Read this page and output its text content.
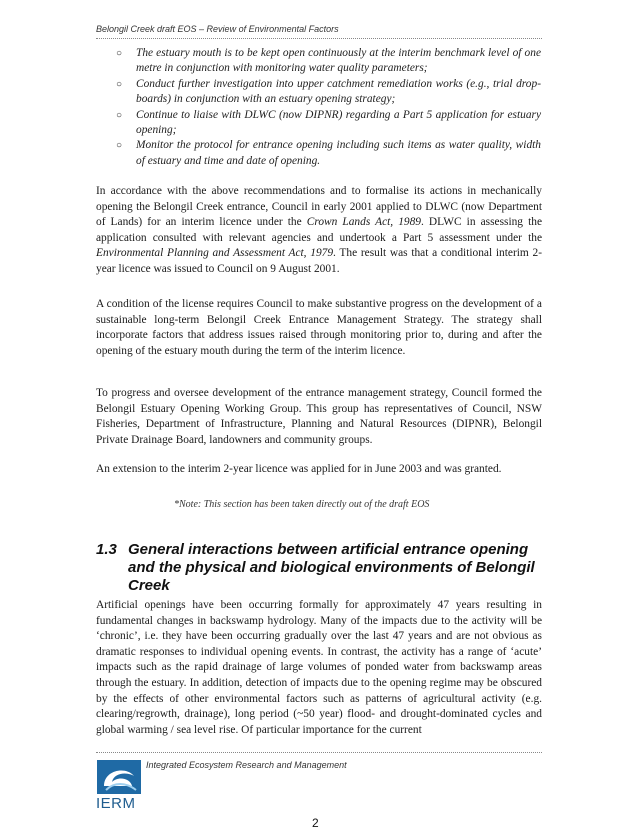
Belongil Creek draft EOS – Review of Environmental Factors
○ The estuary mouth is to be kept open continuously at the interim benchmark level of one metre in conjunction with monitoring water quality parameters;
○ Conduct further investigation into upper catchment remediation works (e.g., trial drop-boards) in conjunction with an estuary opening strategy;
○ Continue to liaise with DLWC (now DIPNR) regarding a Part 5 application for estuary opening;
○ Monitor the protocol for entrance opening including such items as water quality, width of estuary and time and date of opening.

In accordance with the above recommendations and to formalise its actions in mechanically opening the Belongil Creek entrance, Council in early 2001 applied to DLWC (now Department of Lands) for an interim licence under the Crown Lands Act, 1989. DLWC in assessing the application consulted with relevant agencies and undertook a Part 5 assessment under the Environmental Planning and Assessment Act, 1979. The result was that a conditional interim 2-year licence was issued to Council on 9 August 2001.

A condition of the license requires Council to make substantive progress on the development of a sustainable long-term Belongil Creek Entrance Management Strategy. The strategy shall incorporate factors that address issues raised through monitoring prior to, during and after the opening of the estuary mouth during the term of the interim licence.

To progress and oversee development of the entrance management strategy, Council formed the Belongil Estuary Opening Working Group. This group has representatives of Council, NSW Fisheries, Department of Infrastructure, Planning and Natural Resources (DIPNR), Belongil Private Drainage Board, landowners and community groups.

An extension to the interim 2-year licence was applied for in June 2003 and was granted.

*Note: This section has been taken directly out of the draft EOS
1.3 General interactions between artificial entrance opening and the physical and biological environments of Belongil Creek

Artificial openings have been occurring formally for approximately 47 years resulting in fundamental changes in backswamp hydrology. Many of the impacts due to the activity will be ‘chronic’, i.e. they have been occurring gradually over the last 47 years and are not obvious as dramatic responses to individual opening events. In contrast, the activity has a range of ‘acute’ impacts such as the rapid drainage of large volumes of ponded water from backswamp areas through the estuary. In addition, detection of impacts due to the opening regime may be obscured by the effects of other environmental factors such as patterns of agricultural activity (e.g. clearing/regrowth, drainage), long period (~50 year) flood- and drought-dominated cycles and global warming / sea level rise. Of particular importance for the current

IERM
Integrated Ecosystem Research and Management
2
